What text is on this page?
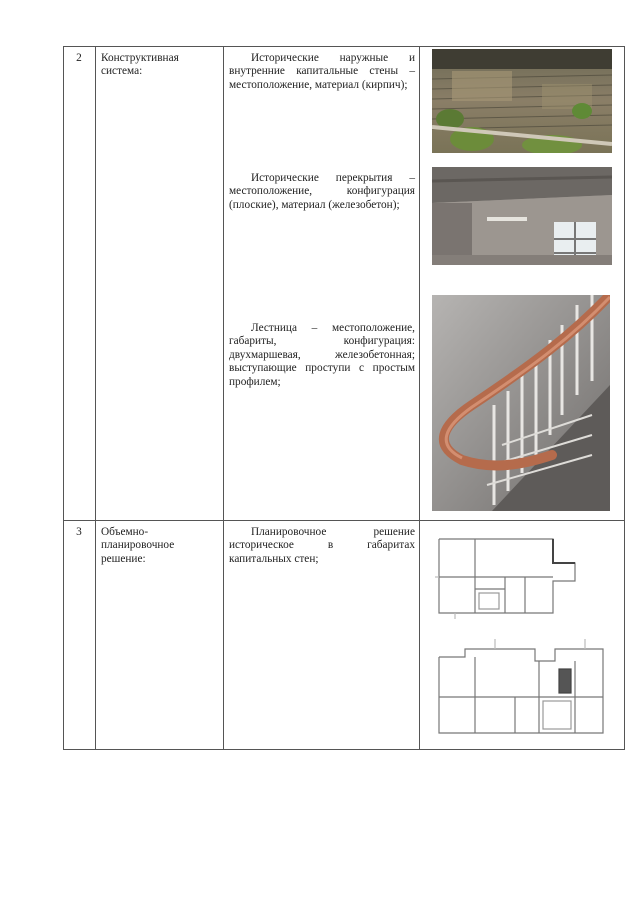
2	Конструктивная система:
Исторические наружные и внутренние капитальные стены – местоположение, материал (кирпич);
Исторические перекрытия – местоположение, конфигурация (плоские), материал (железобетон);
Лестница – местоположение, габариты, конфигурация: двухмаршевая, железобетонная; выступающие проступи с простым профилем;
3	Объемно-планировочное решение:
Планировочное решение историческое в габаритах капитальных стен;
